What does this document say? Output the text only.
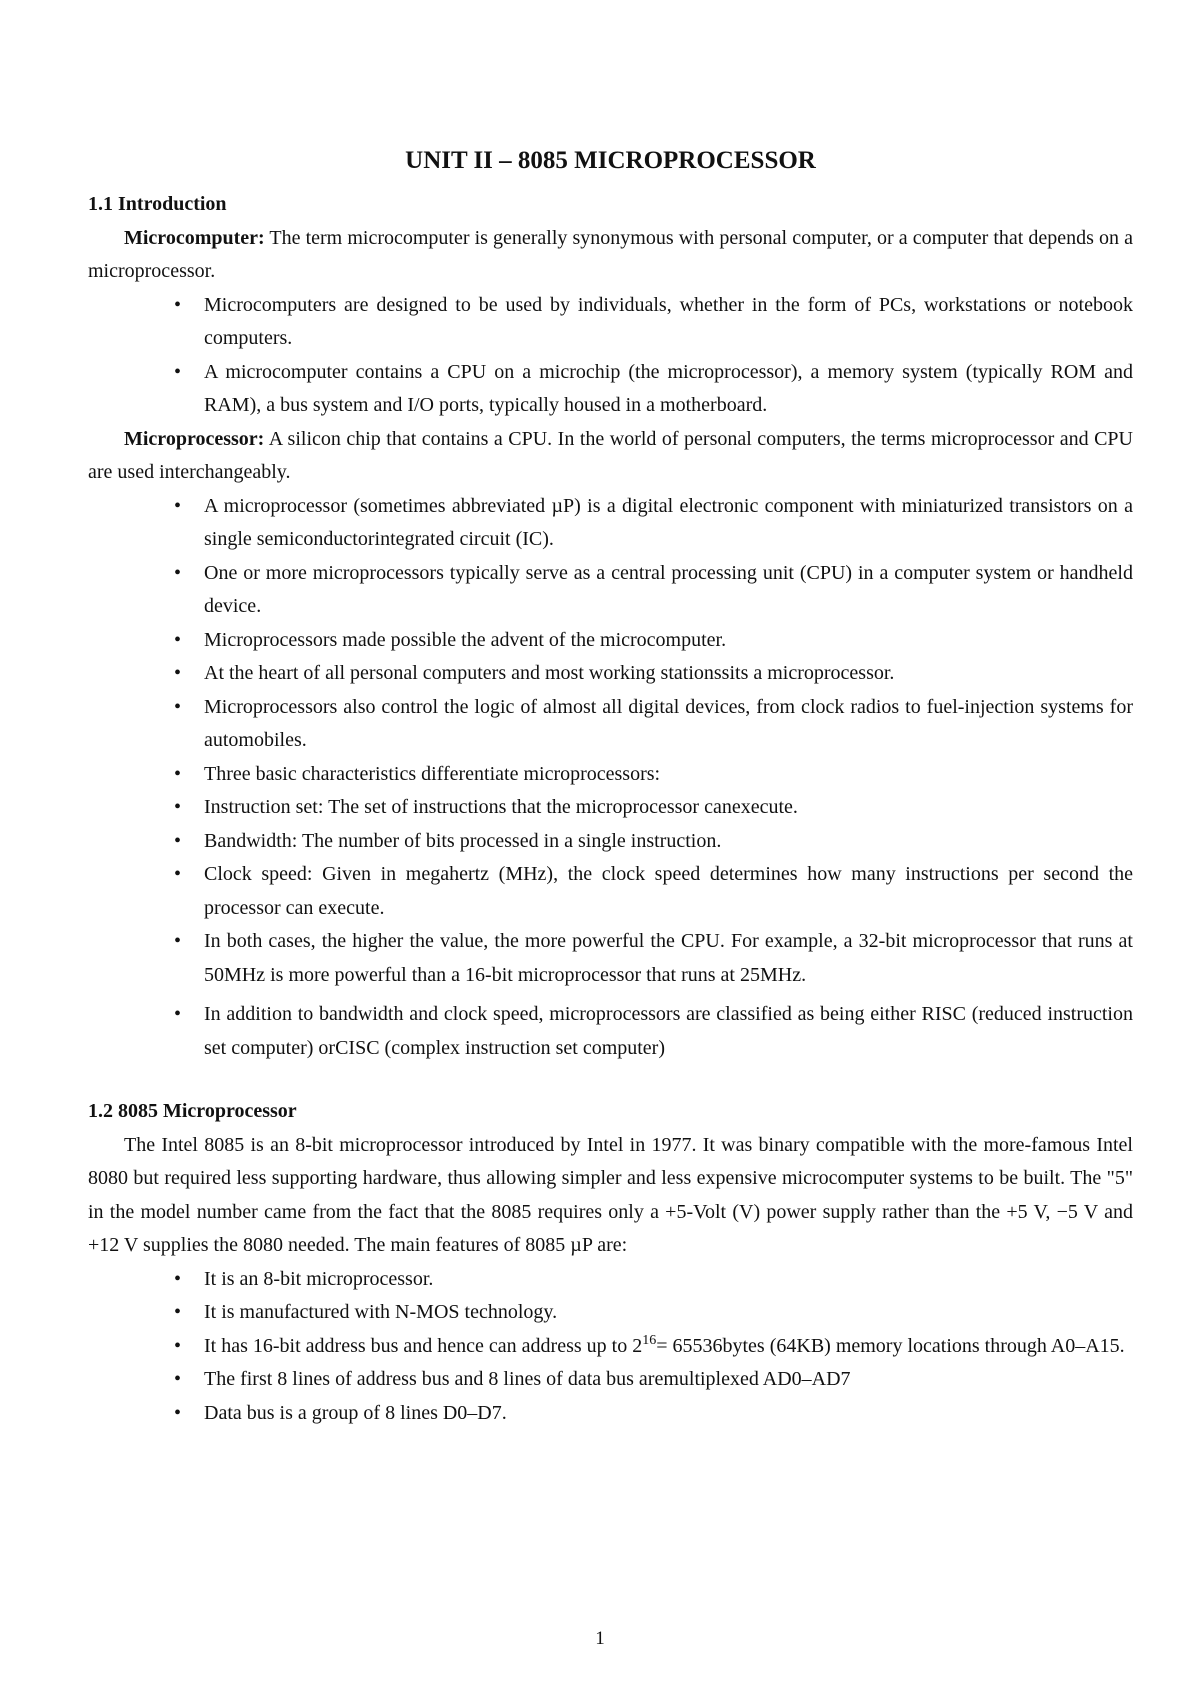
UNIT II – 8085 MICROPROCESSOR

1.1 Introduction

Microcomputer: The term microcomputer is generally synonymous with personal computer, or a computer that depends on a microprocessor.

• Microcomputers are designed to be used by individuals, whether in the form of PCs, workstations or notebook computers.
• A microcomputer contains a CPU on a microchip (the microprocessor), a memory system (typically ROM and RAM), a bus system and I/O ports, typically housed in a motherboard.

Microprocessor: A silicon chip that contains a CPU. In the world of personal computers, the terms microprocessor and CPU are used interchangeably.

• A microprocessor (sometimes abbreviated µP) is a digital electronic component with miniaturized transistors on a single semiconductorintegrated circuit (IC).
• One or more microprocessors typically serve as a central processing unit (CPU) in a computer system or handheld device.
• Microprocessors made possible the advent of the microcomputer.
• At the heart of all personal computers and most working stationssits a microprocessor.
• Microprocessors also control the logic of almost all digital devices, from clock radios to fuel-injection systems for automobiles.
• Three basic characteristics differentiate microprocessors:
• Instruction set: The set of instructions that the microprocessor canexecute.
• Bandwidth: The number of bits processed in a single instruction.
• Clock speed: Given in megahertz (MHz), the clock speed determines how many instructions per second the processor can execute.
• In both cases, the higher the value, the more powerful the CPU. For example, a 32-bit microprocessor that runs at 50MHz is more powerful than a 16-bit microprocessor that runs at 25MHz.
• In addition to bandwidth and clock speed, microprocessors are classified as being either RISC (reduced instruction set computer) orCISC (complex instruction set computer)

1.2 8085 Microprocessor

The Intel 8085 is an 8-bit microprocessor introduced by Intel in 1977. It was binary compatible with the more-famous Intel 8080 but required less supporting hardware, thus allowing simpler and less expensive microcomputer systems to be built. The "5" in the model number came from the fact that the 8085 requires only a +5-Volt (V) power supply rather than the +5 V, −5 V and +12 V supplies the 8080 needed. The main features of 8085 µP are:

• It is an 8-bit microprocessor.
• It is manufactured with N-MOS technology.
• It has 16-bit address bus and hence can address up to $2^{16}=$ 65536bytes (64KB) memory locations through A0–A15.
• The first 8 lines of address bus and 8 lines of data bus aremultiplexed AD0–AD7
• Data bus is a group of 8 lines D0–D7.
1
